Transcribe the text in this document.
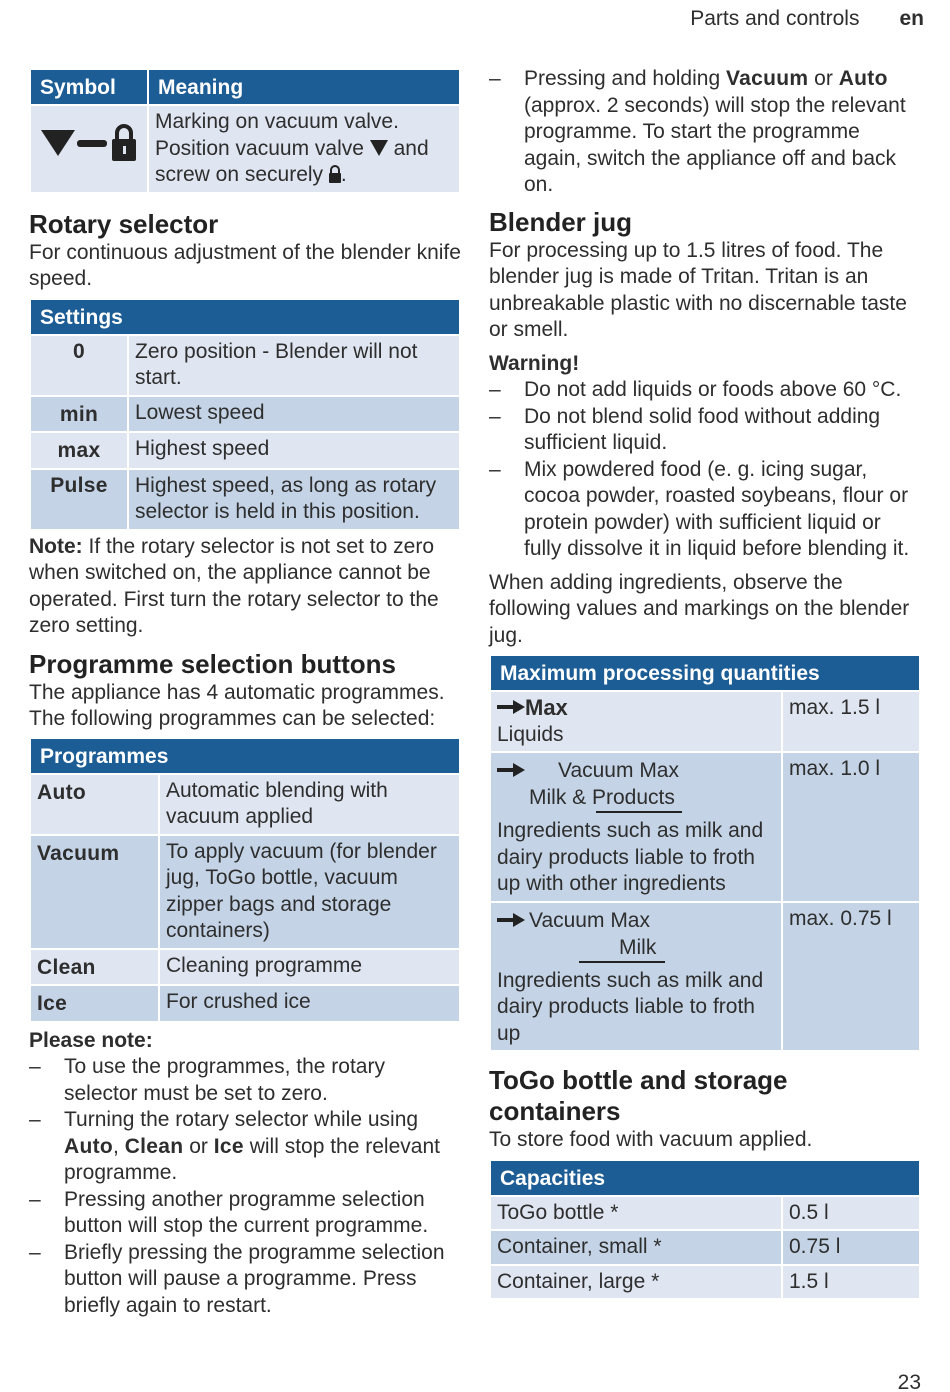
Parts and controls en
Symbol	Meaning

Marking on vacuum valve.
Position vacuum valve and
screw on securely .
Rotary selector

For continuous adjustment of the blender knife speed.

Settings	
0	Zero position - Blender will not start.
min	Lowest speed
max	Highest speed
Pulse	Highest speed, as long as rotary selector is held in this position.

Note: If the rotary selector is not set to zero when switched on, the appliance cannot be operated. First turn the rotary selector to the zero setting.

Programme selection buttons

The appliance has 4 automatic programmes. The following programmes can be selected:

Programmes	
Auto	Automatic blending with vacuum applied
Vacuum	To apply vacuum (for blender jug, ToGo bottle, vacuum zipper bags and storage containers)
Clean	Cleaning programme
Ice	For crushed ice

Please note:

– To use the programmes, the rotary selector must be set to zero.
– Turning the rotary selector while using Auto, Clean or Ice will stop the relevant programme.
– Pressing another programme selection button will stop the current programme.
– Briefly pressing the programme selection button will pause a programme. Press briefly again to restart.
– Pressing and holding Vacuum or Auto (approx. 2 seconds) will stop the relevant programme. To start the programme again, switch the appliance off and back on.
Blender jug

For processing up to 1.5 litres of food. The blender jug is made of Tritan. Tritan is an unbreakable plastic with no discernable taste or smell.

Warning!

– Do not add liquids or foods above 60 °C.
– Do not blend solid food without adding sufficient liquid.
– Mix powdered food (e. g. icing sugar, cocoa powder, roasted soybeans, flour or protein powder) with sufficient liquid or fully dissolve it in liquid before blending it.

When adding ingredients, observe the following values and markings on the blender jug.

Maximum processing quantities	

Max
Liquids	max. 1.5 l

Vacuum Max
Milk & Products
Ingredients such as milk and dairy products liable to froth up with other ingredients	max. 1.0 l

Vacuum Max
Milk
Ingredients such as milk and dairy products liable to froth up	max. 0.75 l
ToGo bottle and storage containers

To store food with vacuum applied.

Capacities	
ToGo bottle *	0.5 l
Container, small *	0.75 l
Container, large *	1.5 l
23
